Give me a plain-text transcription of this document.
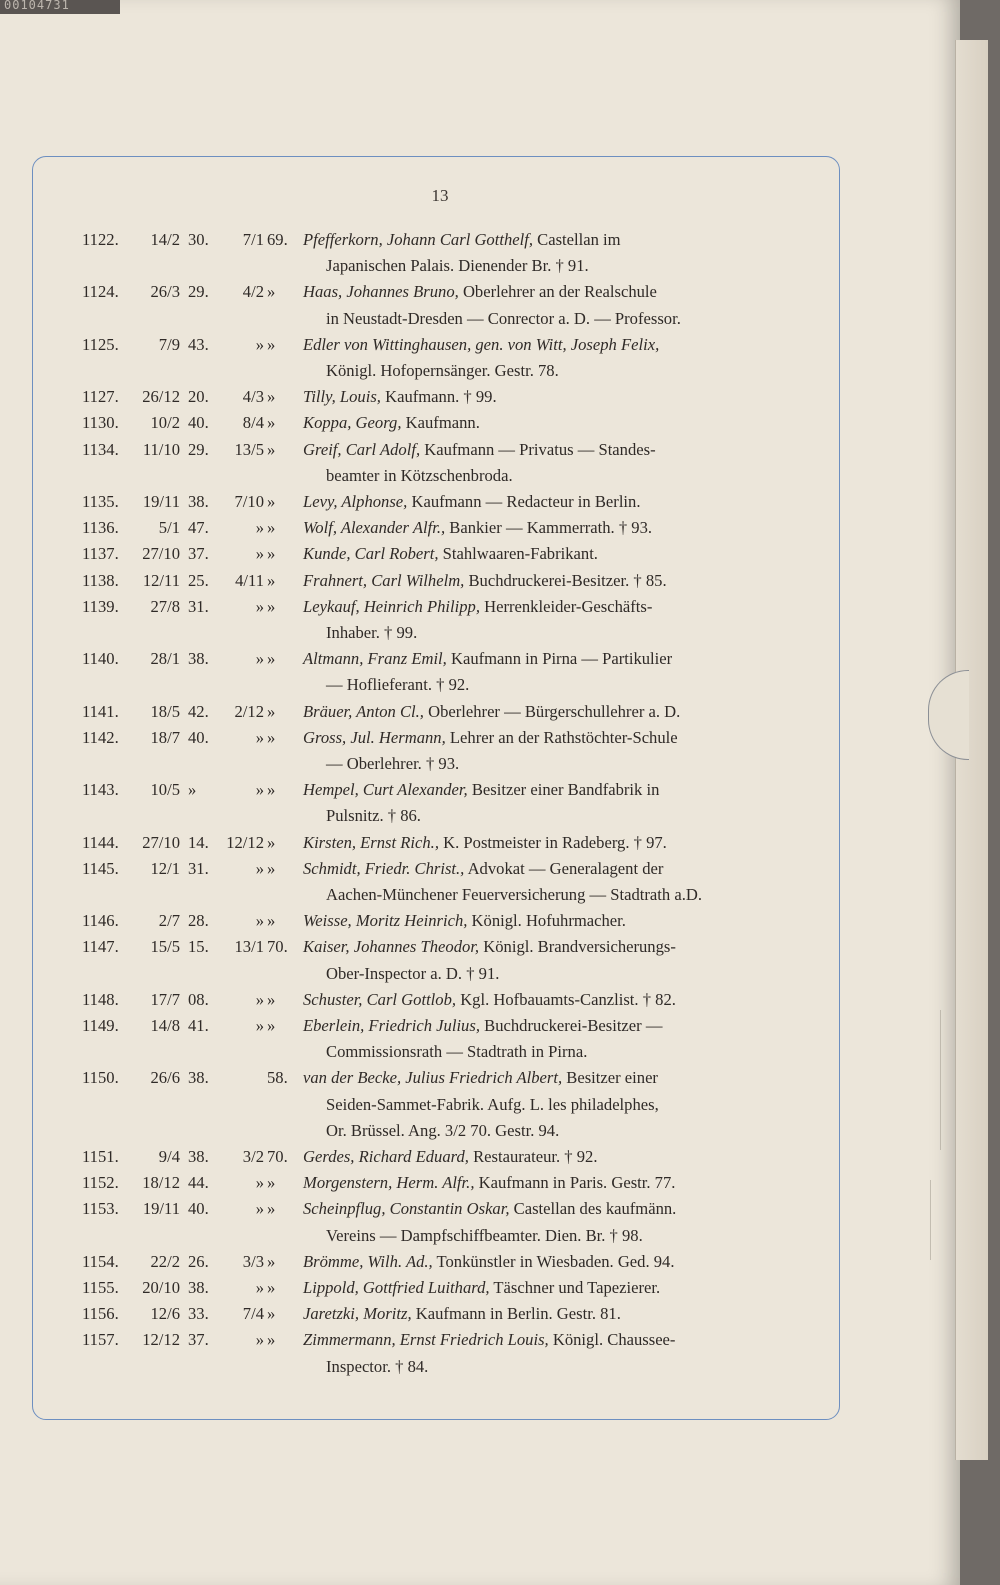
00104731
13
1122.	14/2 30.	7/1 69. Pfefferkorn, Johann Carl Gotthelf, Castellan im
Japanischen Palais. Dienender Br. † 91.
1124.	26/3 29.	4/2 »	Haas, Johannes Bruno, Oberlehrer an der Realschule
in Neustadt-Dresden — Conrector a. D. — Professor.
1125.	7/9 43.	» »	Edler von Wittinghausen, gen. von Witt, Joseph Felix,
Königl. Hofopernsänger. Gestr. 78.
1127.	26/12 20.	4/3 »	Tilly, Louis, Kaufmann. † 99.
1130.	10/2 40.	8/4 »	Koppa, Georg, Kaufmann.
1134.	11/10 29.	13/5 »	Greif, Carl Adolf, Kaufmann — Privatus — Standes-
beamter in Kötzschenbroda.
1135.	19/11 38.	7/10 »	Levy, Alphonse, Kaufmann — Redacteur in Berlin.
1136.	5/1 47.	» »	Wolf, Alexander Alfr., Bankier — Kammerrath. † 93.
1137.	27/10 37.	» »	Kunde, Carl Robert, Stahlwaaren-Fabrikant.
1138.	12/11 25.	4/11 »	Frahnert, Carl Wilhelm, Buchdruckerei-Besitzer. † 85.
1139.	27/8 31.	» »	Leykauf, Heinrich Philipp, Herrenkleider-Geschäfts-
Inhaber. † 99.
1140.	28/1 38.	» »	Altmann, Franz Emil, Kaufmann in Pirna — Partikulier
— Hoflieferant. † 92.
1141.	18/5 42.	2/12 »	Bräuer, Anton Cl., Oberlehrer — Bürgerschullehrer a. D.
1142.	18/7 40.	» »	Gross, Jul. Hermann, Lehrer an der Rathstöchter-Schule
— Oberlehrer. † 93.
1143.	10/5 »	» »	Hempel, Curt Alexander, Besitzer einer Bandfabrik in
Pulsnitz. † 86.
1144.	27/10 14.	12/12 »	Kirsten, Ernst Rich., K. Postmeister in Radeberg. † 97.
1145.	12/1 31.	» »	Schmidt, Friedr. Christ., Advokat — Generalagent der
Aachen-Münchener Feuerversicherung — Stadtrath a.D.
1146.	2/7 28.	» »	Weisse, Moritz Heinrich, Königl. Hofuhrmacher.
1147.	15/5 15.	13/1 70. Kaiser, Johannes Theodor, Königl. Brandversicherungs-
Ober-Inspector a. D. † 91.
1148.	17/7 08.	» »	Schuster, Carl Gottlob, Kgl. Hofbauamts-Canzlist. † 82.
1149.	14/8 41.	» »	Eberlein, Friedrich Julius, Buchdruckerei-Besitzer —
Commissionsrath — Stadtrath in Pirna.
1150.	26/6 38.	58. van der Becke, Julius Friedrich Albert, Besitzer einer
Seiden-Sammet-Fabrik. Aufg. L. les philadelphes,
Or. Brüssel. Ang. 3/2 70. Gestr. 94.
1151.	9/4 38.	3/2 70. Gerdes, Richard Eduard, Restaurateur. † 92.
1152.	18/12 44.	» »	Morgenstern, Herm. Alfr., Kaufmann in Paris. Gestr. 77.
1153.	19/11 40.	» »	Scheinpflug, Constantin Oskar, Castellan des kaufmänn.
Vereins — Dampfschiffbeamter. Dien. Br. † 98.
1154.	22/2 26.	3/3 »	Brömme, Wilh. Ad., Tonkünstler in Wiesbaden. Ged. 94.
1155.	20/10 38.	» »	Lippold, Gottfried Luithard, Täschner und Tapezierer.
1156.	12/6 33.	7/4 »	Jaretzki, Moritz, Kaufmann in Berlin. Gestr. 81.
1157.	12/12 37.	» »	Zimmermann, Ernst Friedrich Louis, Königl. Chaussee-
Inspector. † 84.
